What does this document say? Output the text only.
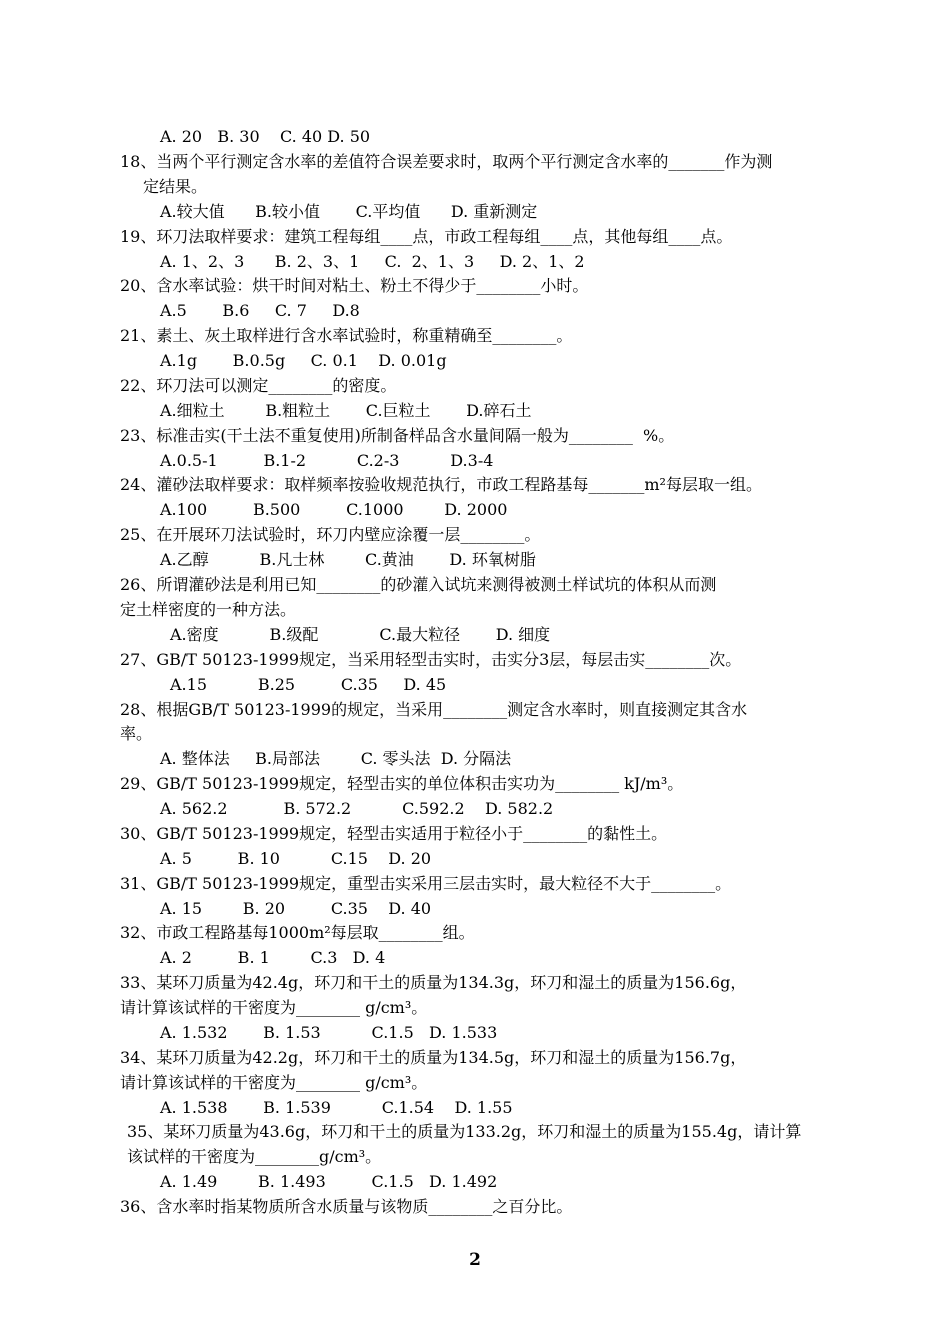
A. 20   B. 30    C. 40 D. 50
18、当两个平行测定含水率的差值符合误差要求时，取两个平行测定含水率的_______作为测
定结果。
A.较大值      B.较小值       C.平均值      D. 重新测定
19、环刀法取样要求：建筑工程每组____点，市政工程每组____点，其他每组____点。
A. 1、2、3      B. 2、3、1     C.  2、1、3     D. 2、1、2
20、含水率试验：烘干时间对粘土、粉土不得少于________小时。
A.5       B.6     C. 7     D.8
21、素土、灰土取样进行含水率试验时，称重精确至________。
A.1g       B.0.5g     C. 0.1    D. 0.01g
22、环刀法可以测定________的密度。
A.细粒土        B.粗粒土       C.巨粒土       D.碎石土
23、标准击实(干土法不重复使用)所制备样品含水量间隔一般为________  %。
A.0.5-1         B.1-2          C.2-3          D.3-4
24、灌砂法取样要求：取样频率按验收规范执行，市政工程路基每_______m²每层取一组。
A.100         B.500         C.1000        D. 2000
25、在开展环刀法试验时，环刀内壁应涂覆一层________。
A.乙醇          B.凡士林        C.黄油       D. 环氧树脂
26、所谓灌砂法是利用已知________的砂灌入试坑来测得被测土样试坑的体积从而测
定土样密度的一种方法。
A.密度          B.级配            C.最大粒径       D. 细度
27、GB/T 50123-1999规定，当采用轻型击实时，击实分3层，每层击实________次。
A.15          B.25         C.35     D. 45
28、根据GB/T 50123-1999的规定，当采用________测定含水率时，则直接测定其含水
率。
A. 整体法     B.局部法        C. 零头法  D. 分隔法
29、GB/T 50123-1999规定，轻型击实的单位体积击实功为________ kJ/m³。
A. 562.2           B. 572.2          C.592.2    D. 582.2
30、GB/T 50123-1999规定，轻型击实适用于粒径小于________的黏性土。
A. 5         B. 10          C.15    D. 20
31、GB/T 50123-1999规定，重型击实采用三层击实时，最大粒径不大于________。
A. 15        B. 20         C.35    D. 40
32、市政工程路基每1000m²每层取________组。
A. 2         B. 1        C.3   D. 4
33、某环刀质量为42.4g，环刀和干土的质量为134.3g，环刀和湿土的质量为156.6g，
请计算该试样的干密度为________ g/cm³。
A. 1.532       B. 1.53          C.1.5   D. 1.533
34、某环刀质量为42.2g，环刀和干土的质量为134.5g，环刀和湿土的质量为156.7g，
请计算该试样的干密度为________ g/cm³。
A. 1.538       B. 1.539          C.1.54    D. 1.55
35、某环刀质量为43.6g，环刀和干土的质量为133.2g，环刀和湿土的质量为155.4g，请计算
该试样的干密度为________g/cm³。
A. 1.49        B. 1.493         C.1.5   D. 1.492
36、含水率时指某物质所含水质量与该物质________之百分比。
2
